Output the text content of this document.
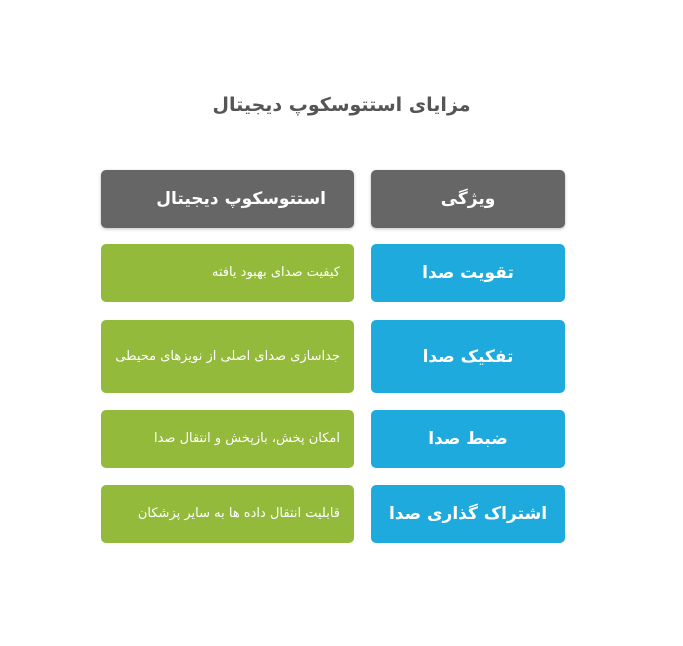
مزایای استتوسکوپ دیجیتال
ویژگی
استتوسکوپ دیجیتال
تقویت صدا
کیفیت صدای بهبود یافته
تفکیک صدا
جداسازی صدای اصلی از نویزهای محیطی
ضبط صدا
امکان پخش، بازپخش و انتقال صدا
اشتراک گذاری صدا
قابلیت انتقال داده ها به سایر پزشکان
